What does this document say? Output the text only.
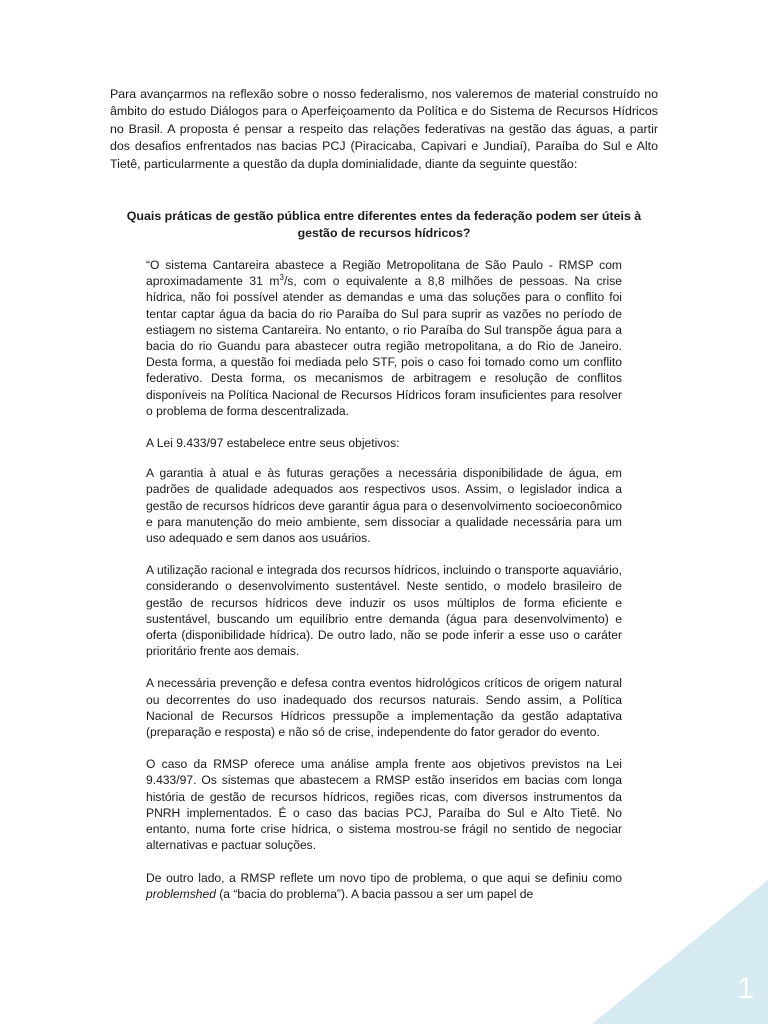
Para avançarmos na reflexão sobre o nosso federalismo, nos valeremos de material construído no âmbito do estudo Diálogos para o Aperfeiçoamento da Política e do Sistema de Recursos Hídricos no Brasil. A proposta é pensar a respeito das relações federativas na gestão das águas, a partir dos desafios enfrentados nas bacias PCJ (Piracicaba, Capivari e Jundiaí), Paraíba do Sul e Alto Tietê, particularmente a questão da dupla dominialidade, diante da seguinte questão:

Quais práticas de gestão pública entre diferentes entes da federação podem ser úteis à gestão de recursos hídricos?

“O sistema Cantareira abastece a Região Metropolitana de São Paulo - RMSP com aproximadamente 31 $m^3/s$, com o equivalente a 8,8 milhões de pessoas. Na crise hídrica, não foi possível atender as demandas e uma das soluções para o conflito foi tentar captar água da bacia do rio Paraíba do Sul para suprir as vazões no período de estiagem no sistema Cantareira. No entanto, o rio Paraíba do Sul transpõe água para a bacia do rio Guandu para abastecer outra região metropolitana, a do Rio de Janeiro. Desta forma, a questão foi mediada pelo STF, pois o caso foi tomado como um conflito federativo. Desta forma, os mecanismos de arbitragem e resolução de conflitos disponíveis na Política Nacional de Recursos Hídricos foram insuficientes para resolver o problema de forma descentralizada.

A Lei 9.433/97 estabelece entre seus objetivos:

A garantia à atual e às futuras gerações a necessária disponibilidade de água, em padrões de qualidade adequados aos respectivos usos. Assim, o legislador indica a gestão de recursos hídricos deve garantir água para o desenvolvimento socioeconômico e para manutenção do meio ambiente, sem dissociar a qualidade necessária para um uso adequado e sem danos aos usuários.

A utilização racional e integrada dos recursos hídricos, incluindo o transporte aquaviário, considerando o desenvolvimento sustentável. Neste sentido, o modelo brasileiro de gestão de recursos hídricos deve induzir os usos múltiplos de forma eficiente e sustentável, buscando um equilíbrio entre demanda (água para desenvolvimento) e oferta (disponibilidade hídrica). De outro lado, não se pode inferir a esse uso o caráter prioritário frente aos demais.

A necessária prevenção e defesa contra eventos hidrológicos críticos de origem natural ou decorrentes do uso inadequado dos recursos naturais. Sendo assim, a Política Nacional de Recursos Hídricos pressupõe a implementação da gestão adaptativa (preparação e resposta) e não só de crise, independente do fator gerador do evento.

O caso da RMSP oferece uma análise ampla frente aos objetivos previstos na Lei 9.433/97. Os sistemas que abastecem a RMSP estão inseridos em bacias com longa história de gestão de recursos hídricos, regiões ricas, com diversos instrumentos da PNRH implementados. É o caso das bacias PCJ, Paraíba do Sul e Alto Tietê. No entanto, numa forte crise hídrica, o sistema mostrou-se frágil no sentido de negociar alternativas e pactuar soluções.

De outro lado, a RMSP reflete um novo tipo de problema, o que aqui se definiu como problemshed (a “bacia do problema”). A bacia passou a ser um papel de

1
